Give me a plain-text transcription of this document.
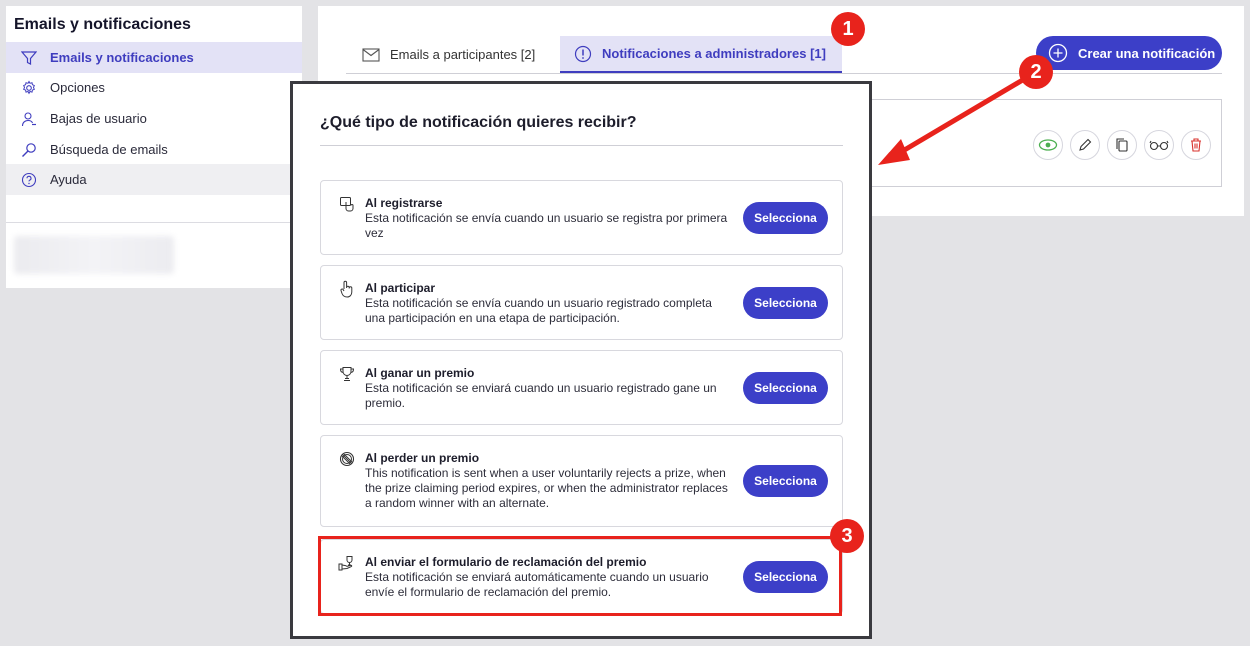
Emails y notificaciones
Emails y notificaciones
Opciones
Bajas de usuario
Búsqueda de emails
Ayuda
Emails a participantes [2]	Notificaciones a administradores [1]	Crear una notificación
¿Qué tipo de notificación quieres recibir?
Al registrarse
Esta notificación se envía cuando un usuario se registra por primera vez
Selecciona
Al participar
Esta notificación se envía cuando un usuario registrado completa una participación en una etapa de participación.
Selecciona
Al ganar un premio
Esta notificación se enviará cuando un usuario registrado gane un premio.
Selecciona
Al perder un premio
This notification is sent when a user voluntarily rejects a prize, when the prize claiming period expires, or when the administrator replaces a random winner with an alternate.
Selecciona
Al enviar el formulario de reclamación del premio
Esta notificación se enviará automáticamente cuando un usuario envíe el formulario de reclamación del premio.
Selecciona
1
2
3
